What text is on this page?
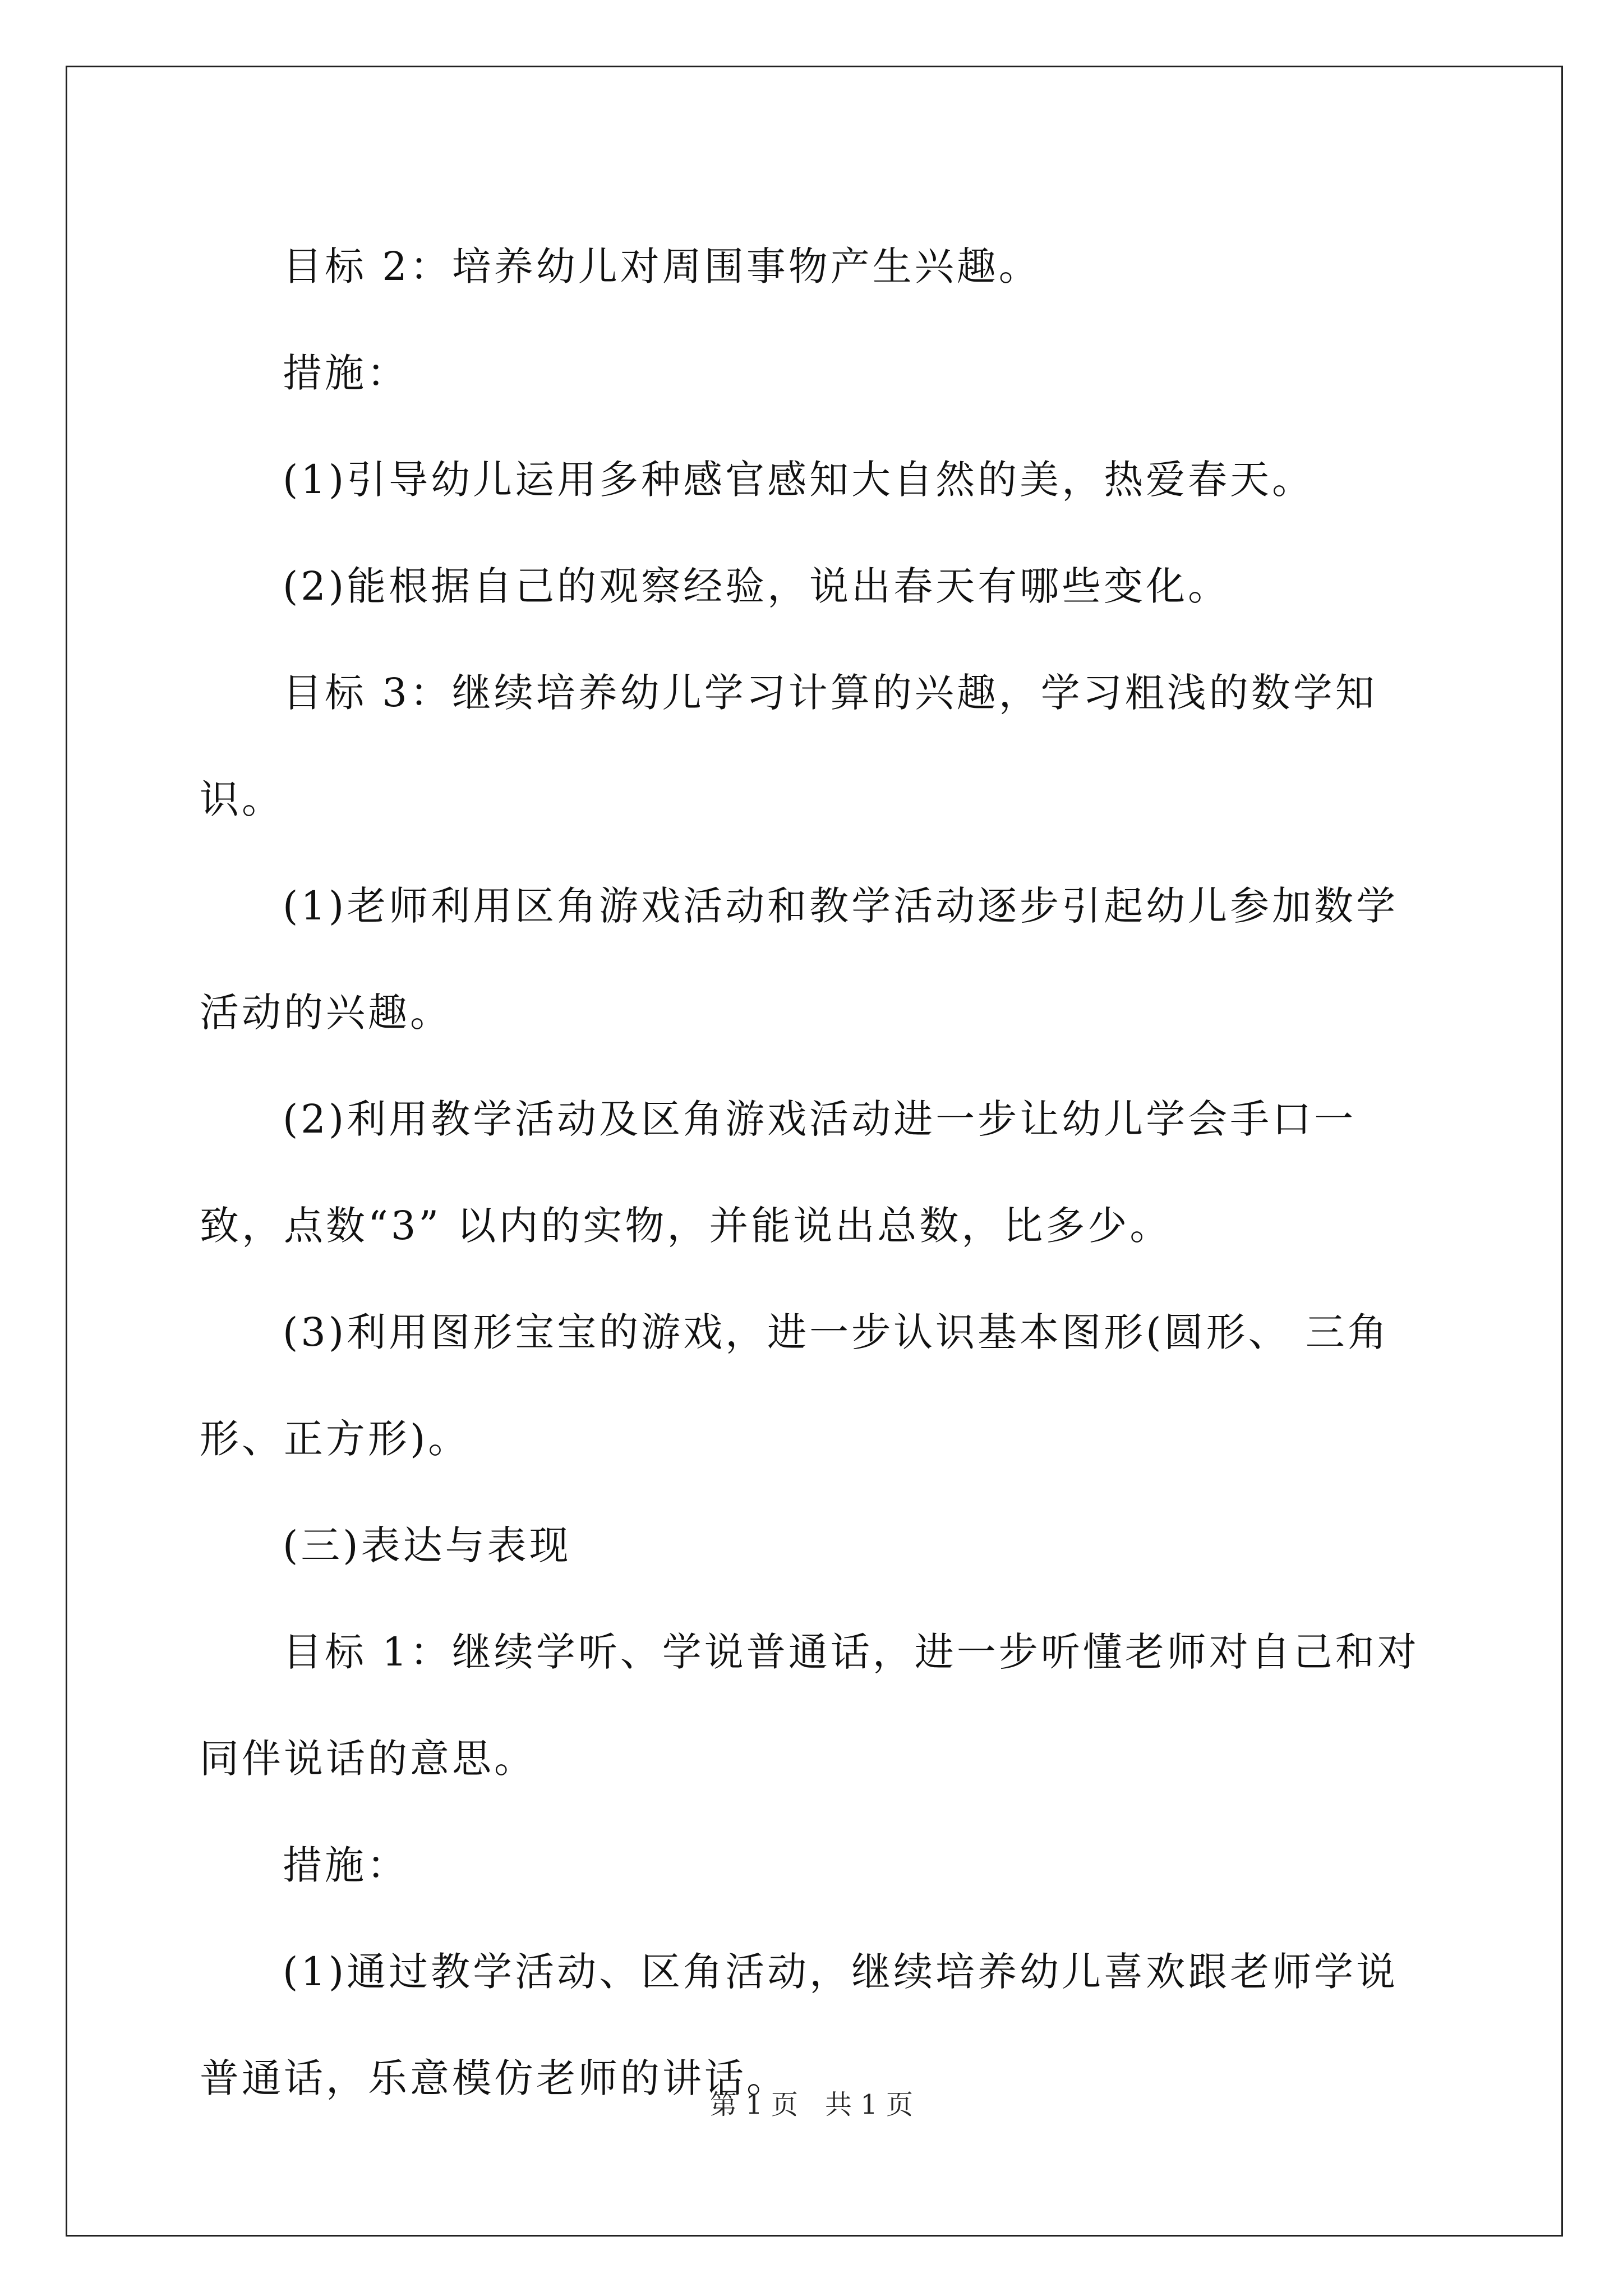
目标 2：培养幼儿对周围事物产生兴趣。

措施：

(1)引导幼儿运用多种感官感知大自然的美，热爱春天。

(2)能根据自己的观察经验，说出春天有哪些变化。

目标 3：继续培养幼儿学习计算的兴趣，学习粗浅的数学知识。

(1)老师利用区角游戏活动和教学活动逐步引起幼儿参加数学活动的兴趣。

(2)利用教学活动及区角游戏活动进一步让幼儿学会手口一致，点数“3” 以内的实物，并能说出总数，比多少。

(3)利用图形宝宝的游戏，进一步认识基本图形(圆形、 三角形、正方形)。

(三)表达与表现

目标 1：继续学听、学说普通话，进一步听懂老师对自己和对同伴说话的意思。

措施：

(1)通过教学活动、区角活动，继续培养幼儿喜欢跟老师学说普通话，乐意模仿老师的讲话。

第 1 页　共 1 页
